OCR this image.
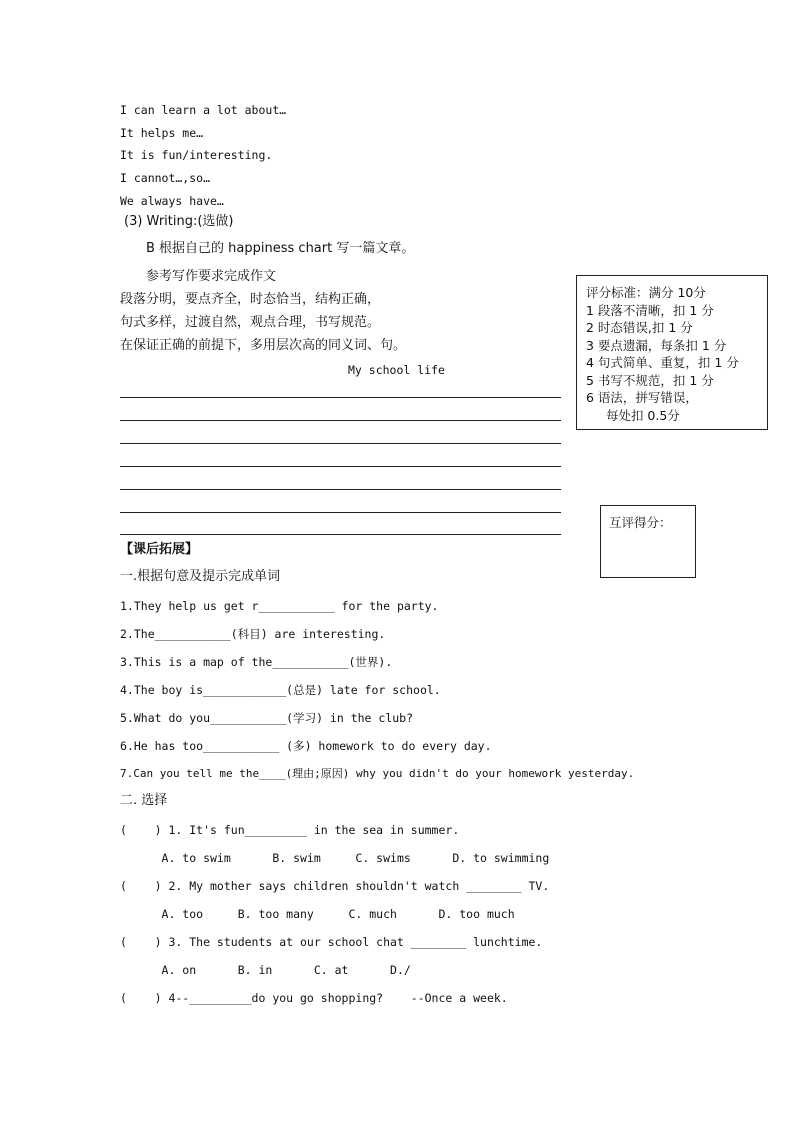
I can learn a lot about…
It helps me…
It is fun/interesting.
I cannot…,so…
We always have…
(3) Writing:(选做)
B 根据自己的 happiness chart 写一篇文章。
参考写作要求完成作文
段落分明，要点齐全，时态恰当，结构正确，
句式多样，过渡自然，观点合理，书写规范。
在保证正确的前提下，多用层次高的同义词、句。
My school life
评分标准：满分 10分
1 段落不清晰，扣 1 分
2 时态错误,扣 1 分
3 要点遗漏，每条扣 1 分
4 句式简单、重复，扣 1 分
5 书写不规范，扣 1 分
6 语法，拼写错误，
每处扣 0.5分
互评得分：
【课后拓展】
一.根据句意及提示完成单词
1.They help us get r___________ for the party.
2.The___________(科目) are interesting.
3.This is a map of the___________(世界).
4.The boy is____________(总是) late for school.
5.What do you___________(学习) in the club?
6.He has too___________ (多) homework to do every day.
7.Can you tell me the____(理由;原因) why you didn't do your homework yesterday.
二. 选择
(    ) 1. It's fun_________ in the sea in summer.
A. to swim      B. swim     C. swims      D. to swimming
(    ) 2. My mother says children shouldn't watch ________ TV.
A. too     B. too many     C. much      D. too much
(    ) 3. The students at our school chat ________ lunchtime.
A. on      B. in      C. at      D./
(    ) 4--_________do you go shopping?    --Once a week.
